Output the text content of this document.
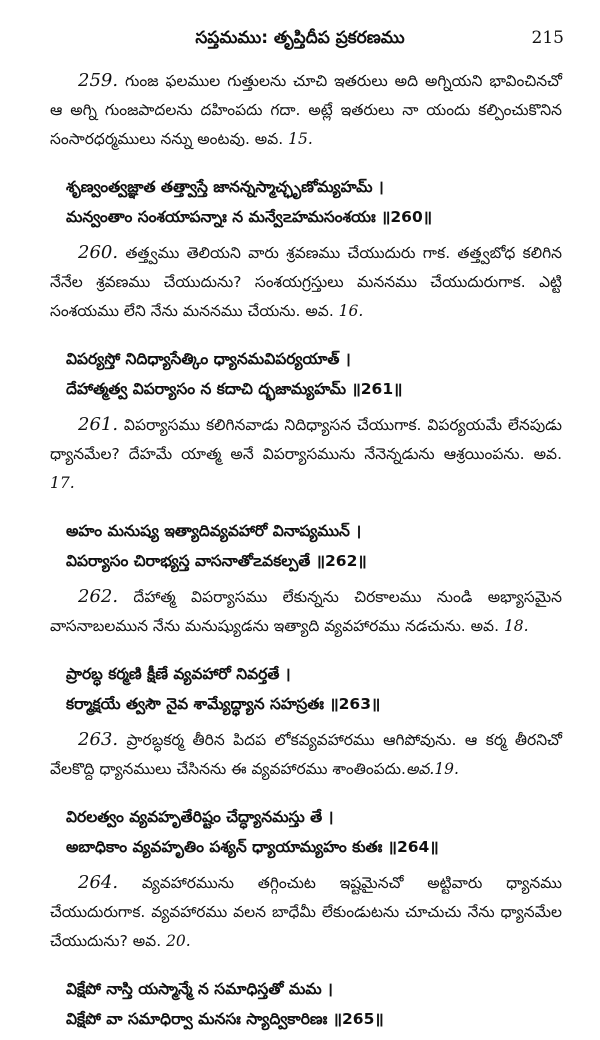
సప్తమము: తృప్తిదీప ప్రకరణము	215

259. గుంజ ఫలముల గుత్తులను చూచి ఇతరులు అది అగ్నియని భావించినచో ఆ అగ్ని గుంజపాదలను దహింపదు గదా. అట్లే ఇతరులు నా యందు కల్పించుకొనిన సంసారధర్మములు నన్ను అంటవు. అవ. 15.

శృణ్వంత్వజ్ఞాత తత్త్వాస్తే జానన్నస్మాచ్ఛృణోమ్యహమ్ ।
మన్వంతాం సంశయాపన్నాః న మన్వే౽హమసంశయః ॥260॥

260. తత్త్వము తెలియని వారు శ్రవణము చేయుదురు గాక. తత్త్వబోధ కలిగిన నేనేల శ్రవణము చేయుదును? సంశయగ్రస్తులు మననము చేయుదురుగాక. ఎట్టి సంశయము లేని నేను మననము చేయను. అవ. 16.

విపర్యస్తో నిదిధ్యాసేత్కిం ధ్యానమవిపర్యయాత్ ।
దేహాత్మత్వ విపర్యాసం న కదాచి ద్భజామ్యహమ్ ॥261॥

261. విపర్యాసము కలిగినవాడు నిదిధ్యాసన చేయుగాక. విపర్యయమే లేనపుడు ధ్యానమేల? దేహమే యాత్మ అనే విపర్యాసమును నేనెన్నడును ఆశ్రయింపను. అవ. 17.

అహం మనుష్య ఇత్యాదివ్యవహారో వినాప్యమున్ ।
విపర్యాసం చిరాభ్యస్త వాసనాతో౽వకల్పతే ॥262॥

262. దేహాత్మ విపర్యాసము లేకున్నను చిరకాలము నుండి అభ్యాసమైన వాసనాబలమున నేను మనుష్యుడను ఇత్యాది వ్యవహారము నడచును. అవ. 18.

ప్రారబ్ధ కర్మణి క్షీణే వ్యవహారో నివర్తతే ।
కర్మాక్షయే త్వసౌ నైవ శామ్యేద్ధ్యాన సహస్రతః ॥263॥

263. ప్రారబ్ధకర్మ తీరిన పిదప లోకవ్యవహారము ఆగిపోవును. ఆ కర్మ తీరనిచో వేలకొద్ది ధ్యానములు చేసినను ఈ వ్యవహారము శాంతింపదు.అవ.19.

విరలత్వం వ్యవహృతేరిష్టం చేద్ధ్యానమస్తు తే ।
అబాధికాం వ్యవహృతిం పశ్యన్ ధ్యాయామ్యహం కుతః ॥264॥

264. వ్యవహారమును తగ్గించుట ఇష్టమైనచో అట్టివారు ధ్యానము చేయుదురుగాక. వ్యవహారము వలన బాధేమీ లేకుండుటను చూచుచు నేను ధ్యానమేల చేయుదును? అవ. 20.

విక్షేపో నాస్తి యస్మాన్మే న సమాధిస్తతో మమ ।
విక్షేపో వా సమాధిర్వా మనసః స్యాద్వికారిణః ॥265॥
